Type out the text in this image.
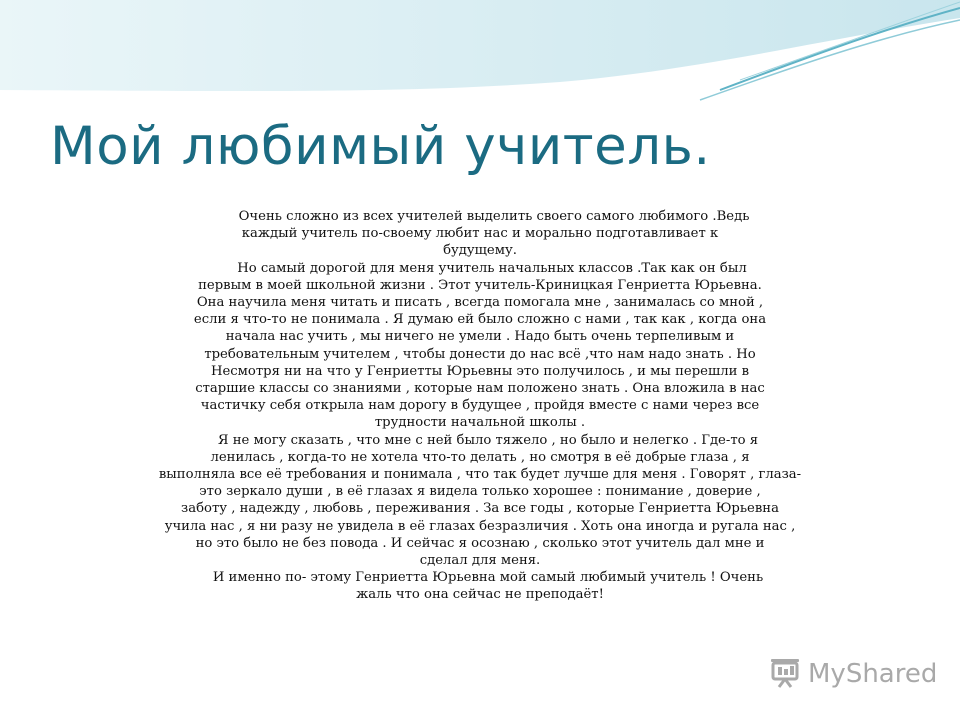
Мой любимый учитель.

Очень сложно из всех учителей выделить своего самого любимого .Ведь

каждый учитель по-своему любит нас и морально подготавливает к

будущему.

Но самый дорогой для меня учитель начальных классов .Так как он был

первым в моей школьной жизни . Этот учитель-Криницкая Генриетта Юрьевна.

Она научила меня читать и писать , всегда помогала мне , занималась со мной ,

если я что-то не понимала . Я думаю ей было сложно с нами , так как , когда она

начала нас учить , мы ничего не умели . Надо быть очень терпеливым и

требовательным учителем , чтобы донести до нас всё ,что нам надо знать . Но

Несмотря ни на что у Генриетты Юрьевны это получилось , и мы перешли в

старшие классы со знаниями , которые нам положено знать . Она вложила в нас

частичку себя открыла нам дорогу в будущее , пройдя вместе с нами через все

трудности начальной школы .

Я не могу сказать , что мне с ней было тяжело , но было и нелегко . Где-то я

ленилась , когда-то не хотела что-то делать , но смотря в её добрые глаза , я

выполняла все её требования и понимала , что так будет лучше для меня . Говорят , глаза-

это зеркало души , в её глазах я видела только хорошее : понимание , доверие ,

заботу , надежду , любовь , переживания . За все годы , которые Генриетта Юрьевна

учила нас , я ни разу не увидела в её глазах безразличия . Хоть она иногда и ругала нас ,

но это было не без повода . И сейчас я осознаю , сколько этот учитель дал мне и

сделал для меня.

И именно по- этому Генриетта Юрьевна мой самый любимый учитель ! Очень

жаль что она сейчас не преподаёт!

MyShared
